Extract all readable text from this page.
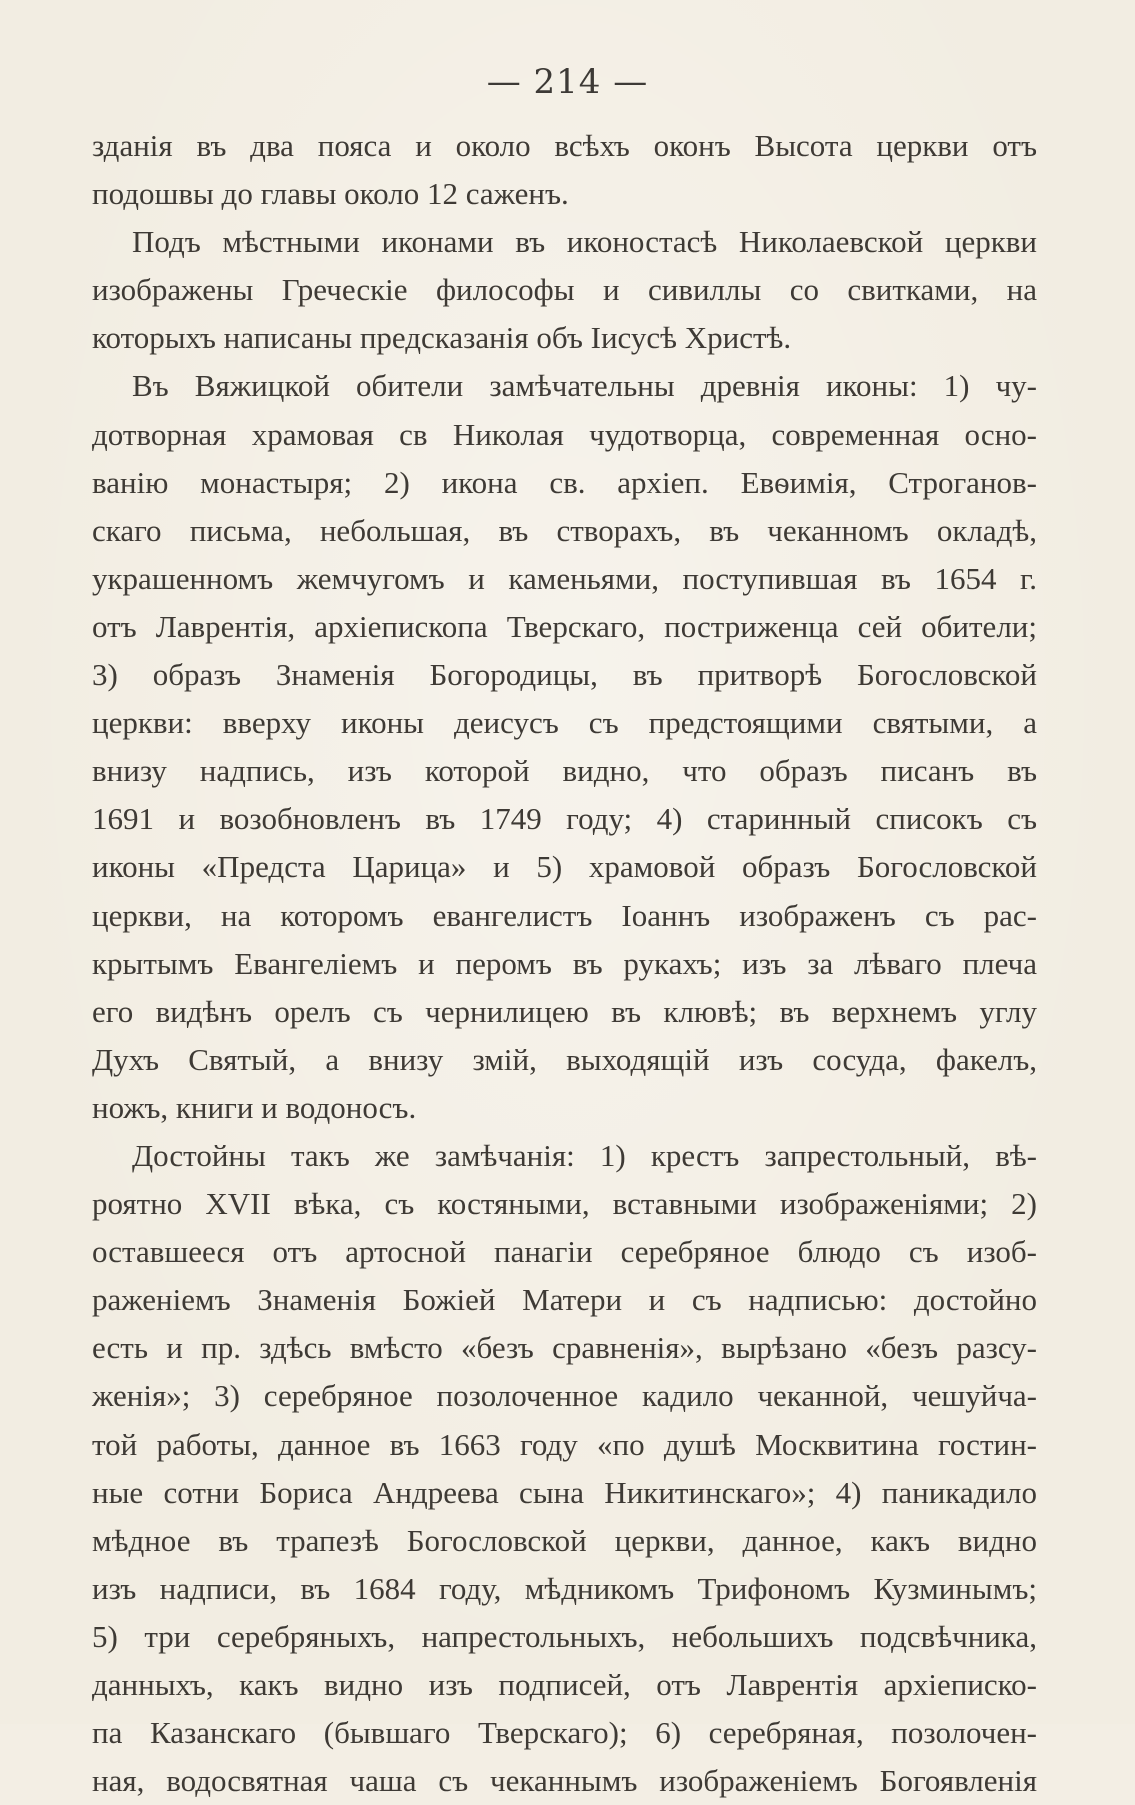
— 214 —
зданія въ два пояса и около всѣхъ оконъ Высота церкви отъ
подошвы до главы около 12 саженъ.
Подъ мѣстными иконами въ иконостасѣ Николаевской церкви
изображены Греческіе философы и сивиллы со свитками, на
которыхъ написаны предсказанія объ Іисусѣ Христѣ.
Въ Вяжицкой обители замѣчательны древнія иконы: 1) чу-
дотворная храмовая св Николая чудотворца, современная осно-
ванію монастыря; 2) икона св. архіеп. Евѳимія, Строганов-
скаго письма, небольшая, въ створахъ, въ чеканномъ окладѣ,
украшенномъ жемчугомъ и каменьями, поступившая въ 1654 г.
отъ Лаврентія, архіепископа Тверскаго, постриженца сей обители;
3) образъ Знаменія Богородицы, въ притворѣ Богословской
церкви: вверху иконы деисусъ съ предстоящими святыми, а
внизу надпись, изъ которой видно, что образъ писанъ въ
1691 и возобновленъ въ 1749 году; 4) старинный списокъ съ
иконы «Предста Царица» и 5) храмовой образъ Богословской
церкви, на которомъ евангелистъ Іоаннъ изображенъ съ рас-
крытымъ Евангеліемъ и перомъ въ рукахъ; изъ за лѣваго плеча
его видѣнъ орелъ съ чернилицею въ клювѣ; въ верхнемъ углу
Духъ Святый, а внизу змій, выходящій изъ сосуда, факелъ,
ножъ, книги и водоносъ.
Достойны такъ же замѣчанія: 1) крестъ запрестольный, вѣ-
роятно XVII вѣка, съ костяными, вставными изображеніями; 2)
оставшееся отъ артосной панагіи серебряное блюдо съ изоб-
раженіемъ Знаменія Божіей Матери и съ надписью: достойно
есть и пр. здѣсь вмѣсто «безъ сравненія», вырѣзано «безъ разсу-
женія»; 3) серебряное позолоченное кадило чеканной, чешуйча-
той работы, данное въ 1663 году «по душѣ Москвитина гостин-
ные сотни Бориса Андреева сына Никитинскаго»; 4) паникадило
мѣдное въ трапезѣ Богословской церкви, данное, какъ видно
изъ надписи, въ 1684 году, мѣдникомъ Трифономъ Кузминымъ;
5) три серебряныхъ, напрестольныхъ, небольшихъ подсвѣчника,
данныхъ, какъ видно изъ подписей, отъ Лаврентія архіеписко-
па Казанскаго (бывшаго Тверскаго); 6) серебряная, позолочен-
ная, водосвятная чаша съ чеканнымъ изображеніемъ Богоявленія
